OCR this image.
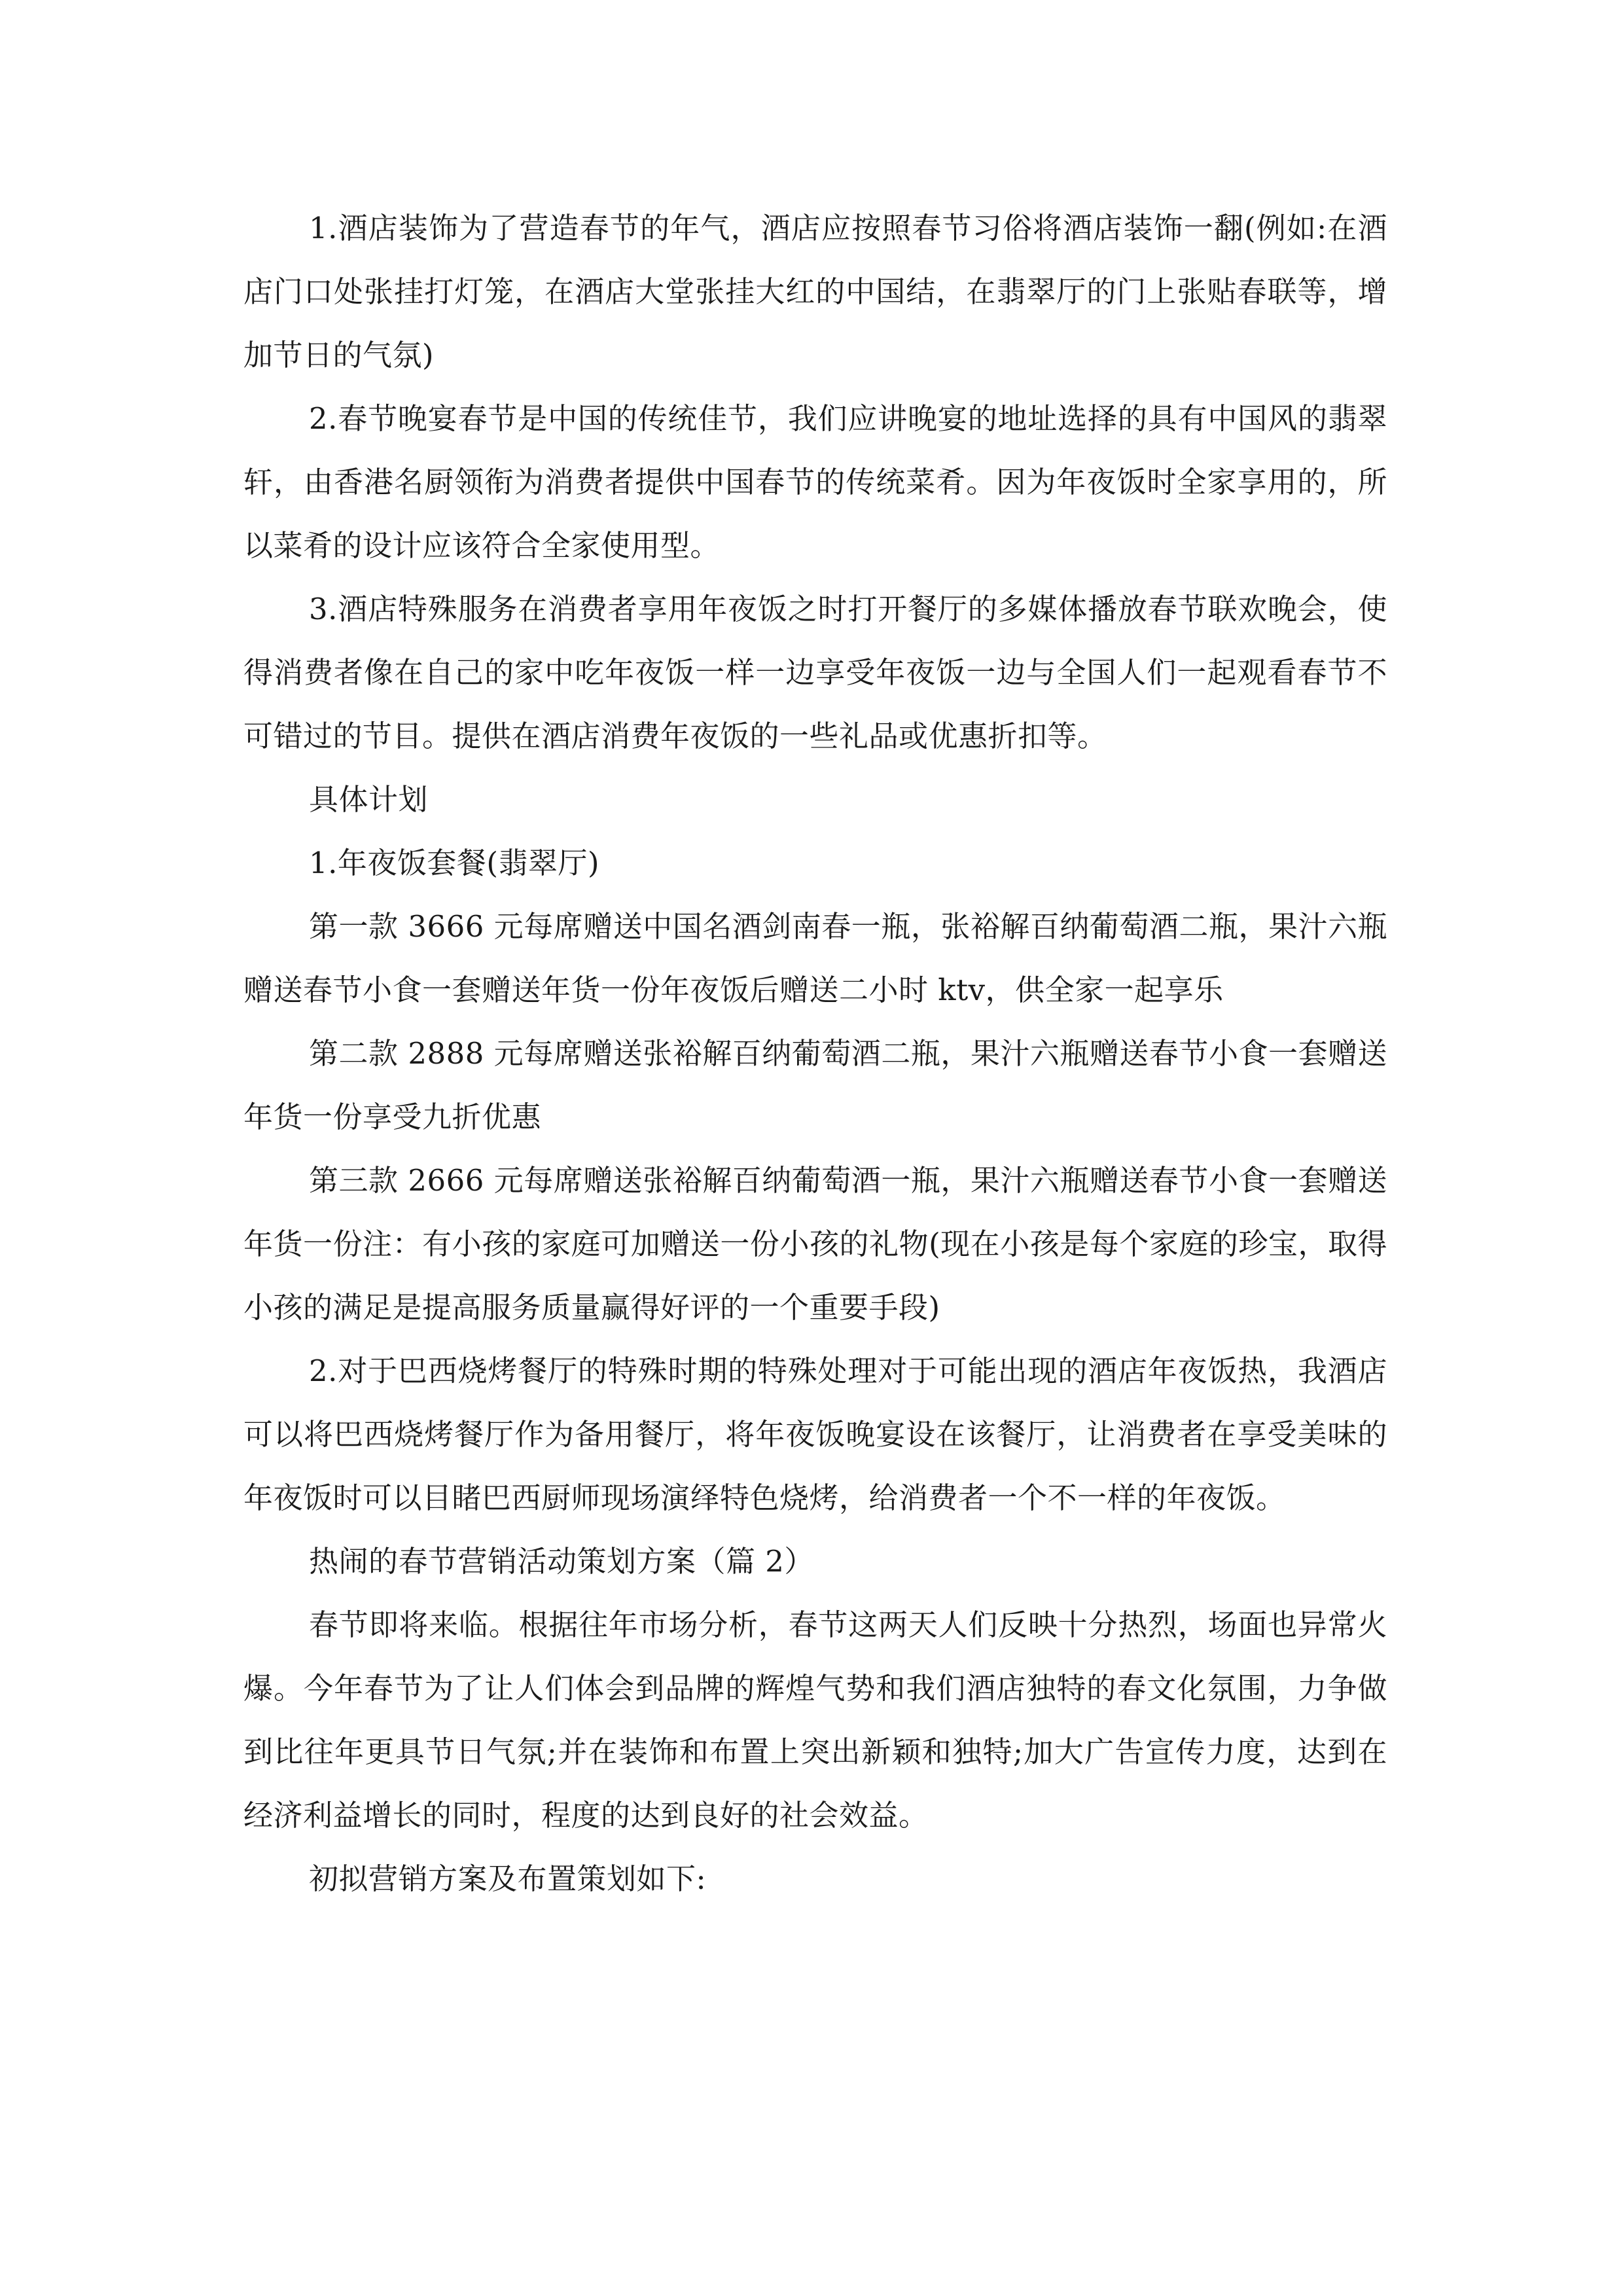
1.酒店装饰为了营造春节的年气，酒店应按照春节习俗将酒店装饰一翻(例如:在酒店门口处张挂打灯笼，在酒店大堂张挂大红的中国结，在翡翠厅的门上张贴春联等，增加节日的气氛)

2.春节晚宴春节是中国的传统佳节，我们应讲晚宴的地址选择的具有中国风的翡翠轩，由香港名厨领衔为消费者提供中国春节的传统菜肴。因为年夜饭时全家享用的，所以菜肴的设计应该符合全家使用型。

3.酒店特殊服务在消费者享用年夜饭之时打开餐厅的多媒体播放春节联欢晚会，使得消费者像在自己的家中吃年夜饭一样一边享受年夜饭一边与全国人们一起观看春节不可错过的节目。提供在酒店消费年夜饭的一些礼品或优惠折扣等。

具体计划

1.年夜饭套餐(翡翠厅)

第一款 3666 元每席赠送中国名酒剑南春一瓶，张裕解百纳葡萄酒二瓶，果汁六瓶赠送春节小食一套赠送年货一份年夜饭后赠送二小时 ktv，供全家一起享乐

第二款 2888 元每席赠送张裕解百纳葡萄酒二瓶，果汁六瓶赠送春节小食一套赠送年货一份享受九折优惠

第三款 2666 元每席赠送张裕解百纳葡萄酒一瓶，果汁六瓶赠送春节小食一套赠送年货一份注：有小孩的家庭可加赠送一份小孩的礼物(现在小孩是每个家庭的珍宝，取得小孩的满足是提高服务质量赢得好评的一个重要手段)

2.对于巴西烧烤餐厅的特殊时期的特殊处理对于可能出现的酒店年夜饭热，我酒店可以将巴西烧烤餐厅作为备用餐厅，将年夜饭晚宴设在该餐厅，让消费者在享受美味的年夜饭时可以目睹巴西厨师现场演绎特色烧烤，给消费者一个不一样的年夜饭。

热闹的春节营销活动策划方案（篇 2）

春节即将来临。根据往年市场分析，春节这两天人们反映十分热烈，场面也异常火爆。今年春节为了让人们体会到品牌的辉煌气势和我们酒店独特的春文化氛围，力争做到比往年更具节日气氛;并在装饰和布置上突出新颖和独特;加大广告宣传力度，达到在经济利益增长的同时，程度的达到良好的社会效益。

初拟营销方案及布置策划如下:
